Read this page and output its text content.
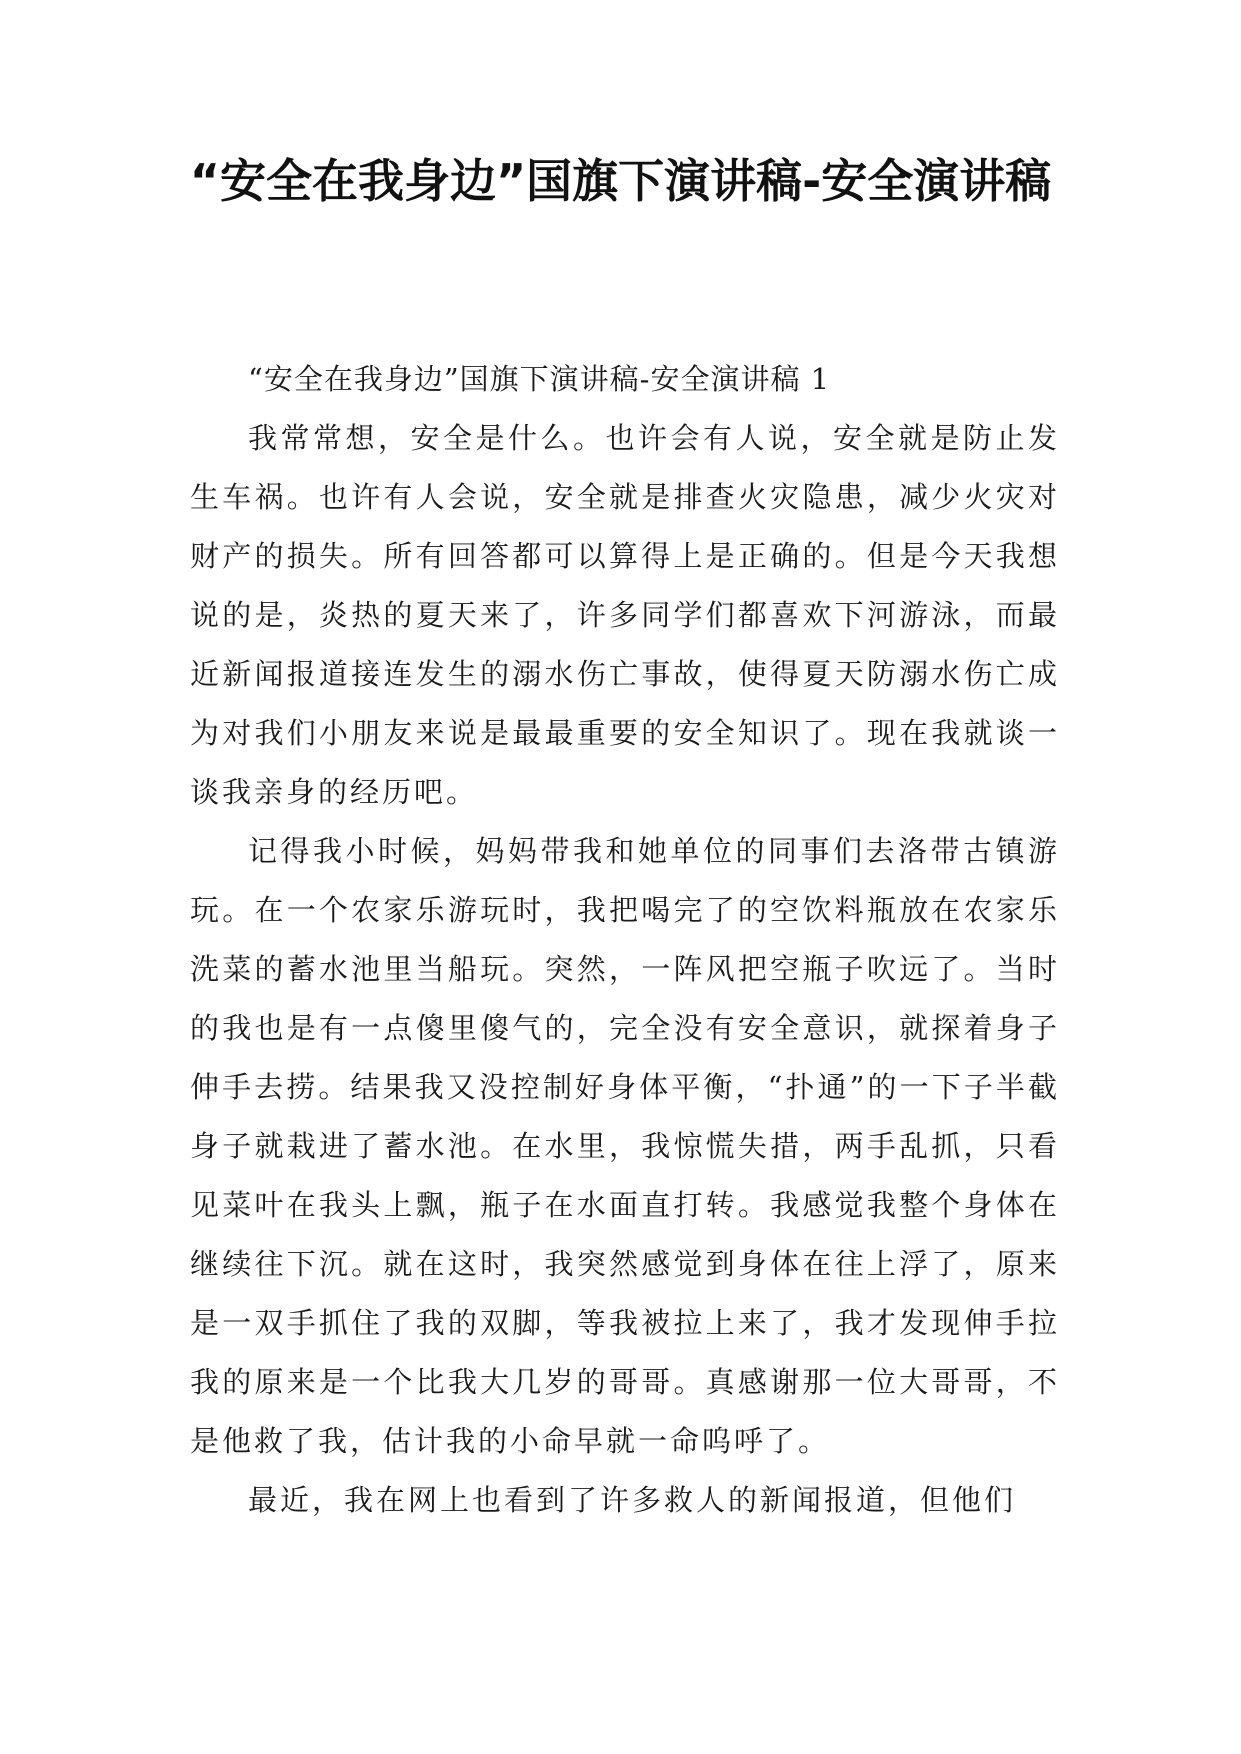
“安全在我身边”国旗下演讲稿-安全演讲稿

“安全在我身边”国旗下演讲稿-安全演讲稿 1

我常常想，安全是什么。也许会有人说，安全就是防止发生车祸。也许有人会说，安全就是排查火灾隐患，减少火灾对财产的损失。所有回答都可以算得上是正确的。但是今天我想说的是，炎热的夏天来了，许多同学们都喜欢下河游泳，而最近新闻报道接连发生的溺水伤亡事故，使得夏天防溺水伤亡成为对我们小朋友来说是最最重要的安全知识了。现在我就谈一谈我亲身的经历吧。

记得我小时候，妈妈带我和她单位的同事们去洛带古镇游玩。在一个农家乐游玩时，我把喝完了的空饮料瓶放在农家乐洗菜的蓄水池里当船玩。突然，一阵风把空瓶子吹远了。当时的我也是有一点傻里傻气的，完全没有安全意识，就探着身子伸手去捞。结果我又没控制好身体平衡，“扑通”的一下子半截身子就栽进了蓄水池。在水里，我惊慌失措，两手乱抓，只看见菜叶在我头上飘，瓶子在水面直打转。我感觉我整个身体在继续往下沉。就在这时，我突然感觉到身体在往上浮了，原来是一双手抓住了我的双脚，等我被拉上来了，我才发现伸手拉我的原来是一个比我大几岁的哥哥。真感谢那一位大哥哥，不是他救了我，估计我的小命早就一命呜呼了。

最近，我在网上也看到了许多救人的新闻报道，但他们
